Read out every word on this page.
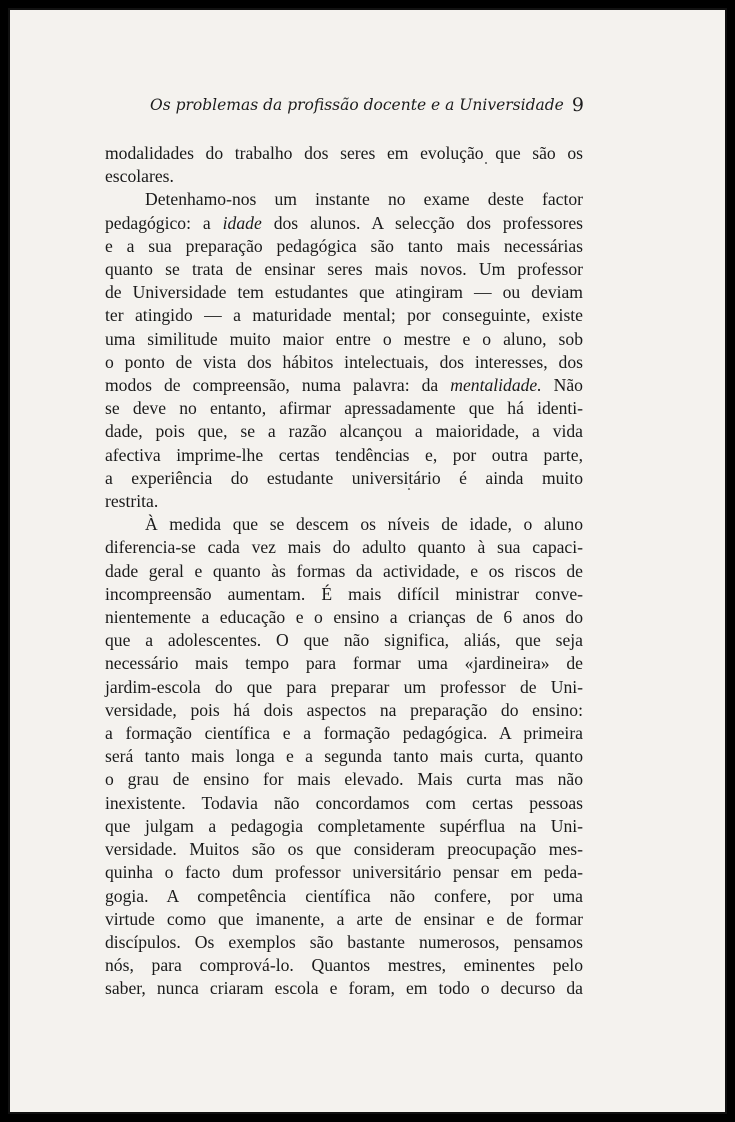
Os problemas da profissão docente e a Universidade 9
modalidades do trabalho dos seres em evolução que são os
escolares.
Detenhamo-nos um instante no exame deste factor
pedagógico: a idade dos alunos. A selecção dos professores
e a sua preparação pedagógica são tanto mais necessárias
quanto se trata de ensinar seres mais novos. Um professor
de Universidade tem estudantes que atingiram — ou deviam
ter atingido — a maturidade mental; por conseguinte, existe
uma similitude muito maior entre o mestre e o aluno, sob
o ponto de vista dos hábitos intelectuais, dos interesses, dos
modos de compreensão, numa palavra: da mentalidade. Não
se deve no entanto, afirmar apressadamente que há identi-
dade, pois que, se a razão alcançou a maioridade, a vida
afectiva imprime-lhe certas tendências e, por outra parte,
a experiência do estudante universitário é ainda muito
restrita.
À medida que se descem os níveis de idade, o aluno
diferencia-se cada vez mais do adulto quanto à sua capaci-
dade geral e quanto às formas da actividade, e os riscos de
incompreensão aumentam. É mais difícil ministrar conve-
nientemente a educação e o ensino a crianças de 6 anos do
que a adolescentes. O que não significa, aliás, que seja
necessário mais tempo para formar uma «jardineira» de
jardim-escola do que para preparar um professor de Uni-
versidade, pois há dois aspectos na preparação do ensino:
a formação científica e a formação pedagógica. A primeira
será tanto mais longa e a segunda tanto mais curta, quanto
o grau de ensino for mais elevado. Mais curta mas não
inexistente. Todavia não concordamos com certas pessoas
que julgam a pedagogia completamente supérflua na Uni-
versidade. Muitos são os que consideram preocupação mes-
quinha o facto dum professor universitário pensar em peda-
gogia. A competência científica não confere, por uma
virtude como que imanente, a arte de ensinar e de formar
discípulos. Os exemplos são bastante numerosos, pensamos
nós, para comprová-lo. Quantos mestres, eminentes pelo
saber, nunca criaram escola e foram, em todo o decurso da
